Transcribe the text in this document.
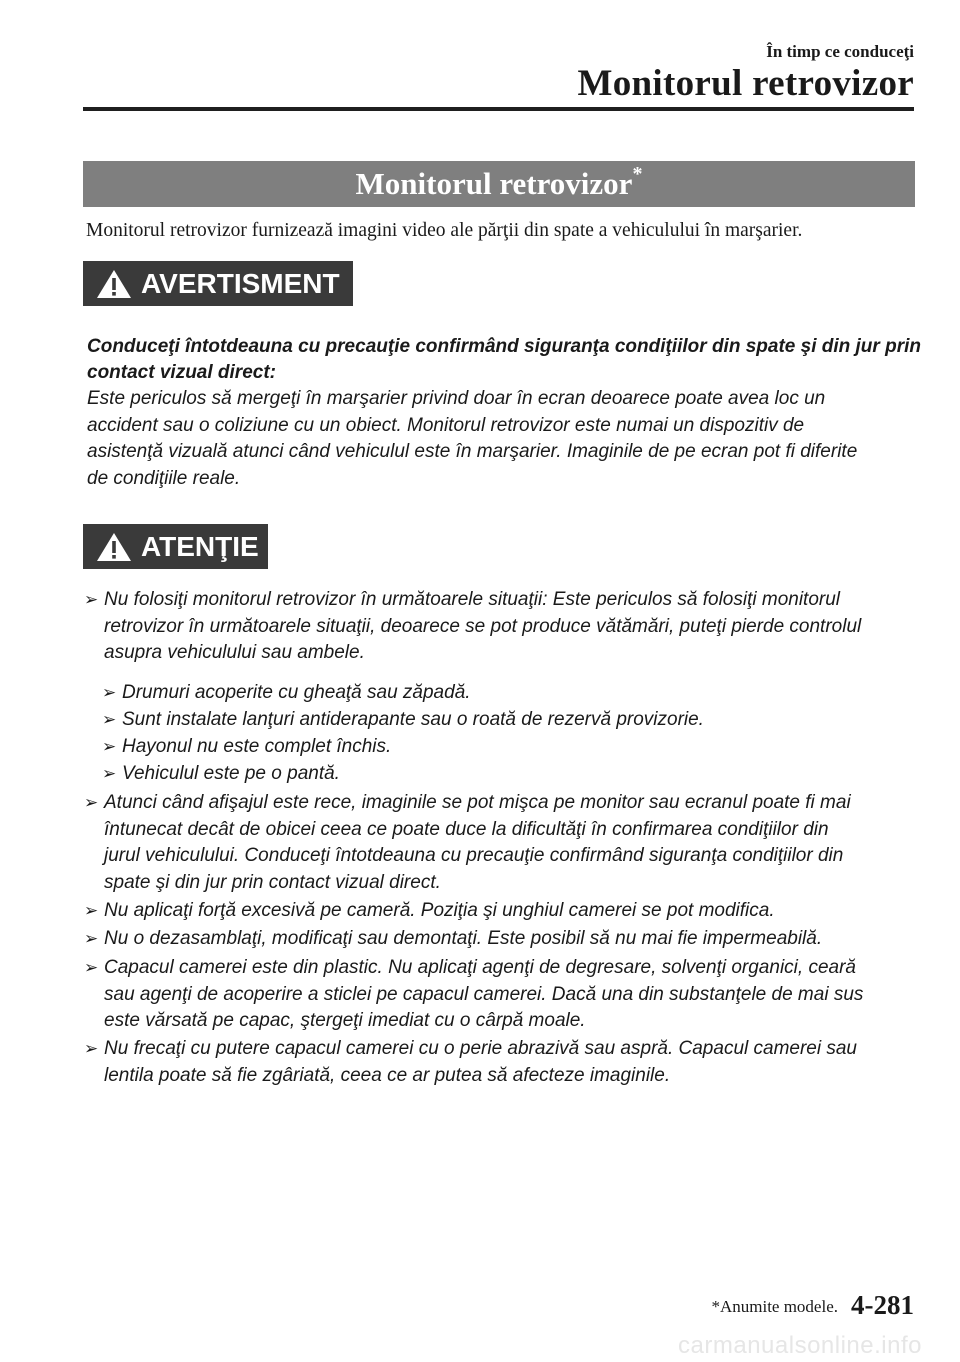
În timp ce conduceţi
Monitorul retrovizor
Monitorul retrovizor*
Monitorul retrovizor furnizează imagini video ale părţii din spate a vehiculului în marşarier.
AVERTISMENT
Conduceţi întotdeauna cu precauţie confirmând siguranţa condiţiilor din spate şi din jur prin
contact vizual direct:
Este periculos să mergeţi în marşarier privind doar în ecran deoarece poate avea loc un
accident sau o coliziune cu un obiect. Monitorul retrovizor este numai un dispozitiv de
asistenţă vizuală atunci când vehiculul este în marşarier. Imaginile de pe ecran pot fi diferite
de condiţiile reale.
ATENŢIE
➢ Nu folosiţi monitorul retrovizor în următoarele situaţii: Este periculos să folosiţi monitorul
retrovizor în următoarele situaţii, deoarece se pot produce vătămări, puteţi pierde controlul
asupra vehiculului sau ambele.
➢ Drumuri acoperite cu gheaţă sau zăpadă.
➢ Sunt instalate lanţuri antiderapante sau o roată de rezervă provizorie.
➢ Hayonul nu este complet închis.
➢ Vehiculul este pe o pantă.
➢ Atunci când afişajul este rece, imaginile se pot mişca pe monitor sau ecranul poate fi mai
întunecat decât de obicei ceea ce poate duce la dificultăţi în confirmarea condiţiilor din
jurul vehiculului. Conduceţi întotdeauna cu precauţie confirmând siguranţa condiţiilor din
spate şi din jur prin contact vizual direct.
➢ Nu aplicaţi forţă excesivă pe cameră. Poziţia şi unghiul camerei se pot modifica.
➢ Nu o dezasamblaţi, modificaţi sau demontaţi. Este posibil să nu mai fie impermeabilă.
➢ Capacul camerei este din plastic. Nu aplicaţi agenţi de degresare, solvenţi organici, ceară
sau agenţi de acoperire a sticlei pe capacul camerei. Dacă una din substanţele de mai sus
este vărsată pe capac, ştergeţi imediat cu o cârpă moale.
➢ Nu frecaţi cu putere capacul camerei cu o perie abrazivă sau aspră. Capacul camerei sau
lentila poate să fie zgâriată, ceea ce ar putea să afecteze imaginile.
*Anumite modele. 4-281
carmanualsonline.info
